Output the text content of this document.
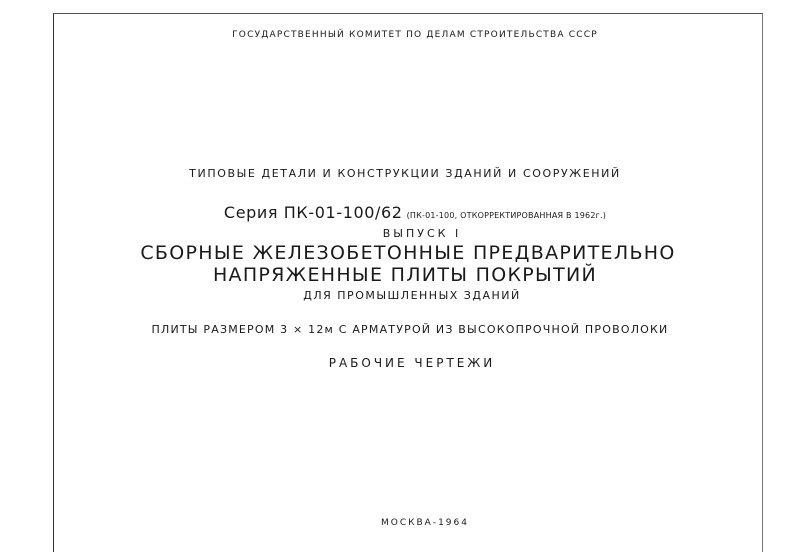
ГОСУДАРСТВЕННЫЙ КОМИТЕТ ПО ДЕЛАМ СТРОИТЕЛЬСТВА СССР
ТИПОВЫЕ ДЕТАЛИ И КОНСТРУКЦИИ ЗДАНИЙ И СООРУЖЕНИЙ
Серия ПК-01-100/62 (ПК-01-100, ОТКОРРЕКТИРОВАННАЯ В 1962г.)
ВЫПУСК I
СБОРНЫЕ ЖЕЛЕЗОБЕТОННЫЕ ПРЕДВАРИТЕЛЬНО
НАПРЯЖЕННЫЕ ПЛИТЫ ПОКРЫТИЙ
ДЛЯ ПРОМЫШЛЕННЫХ ЗДАНИЙ
ПЛИТЫ РАЗМЕРОМ 3 × 12м С АРМАТУРОЙ ИЗ ВЫСОКОПРОЧНОЙ ПРОВОЛОКИ
РАБОЧИЕ ЧЕРТЕЖИ
МОСКВА-1964
